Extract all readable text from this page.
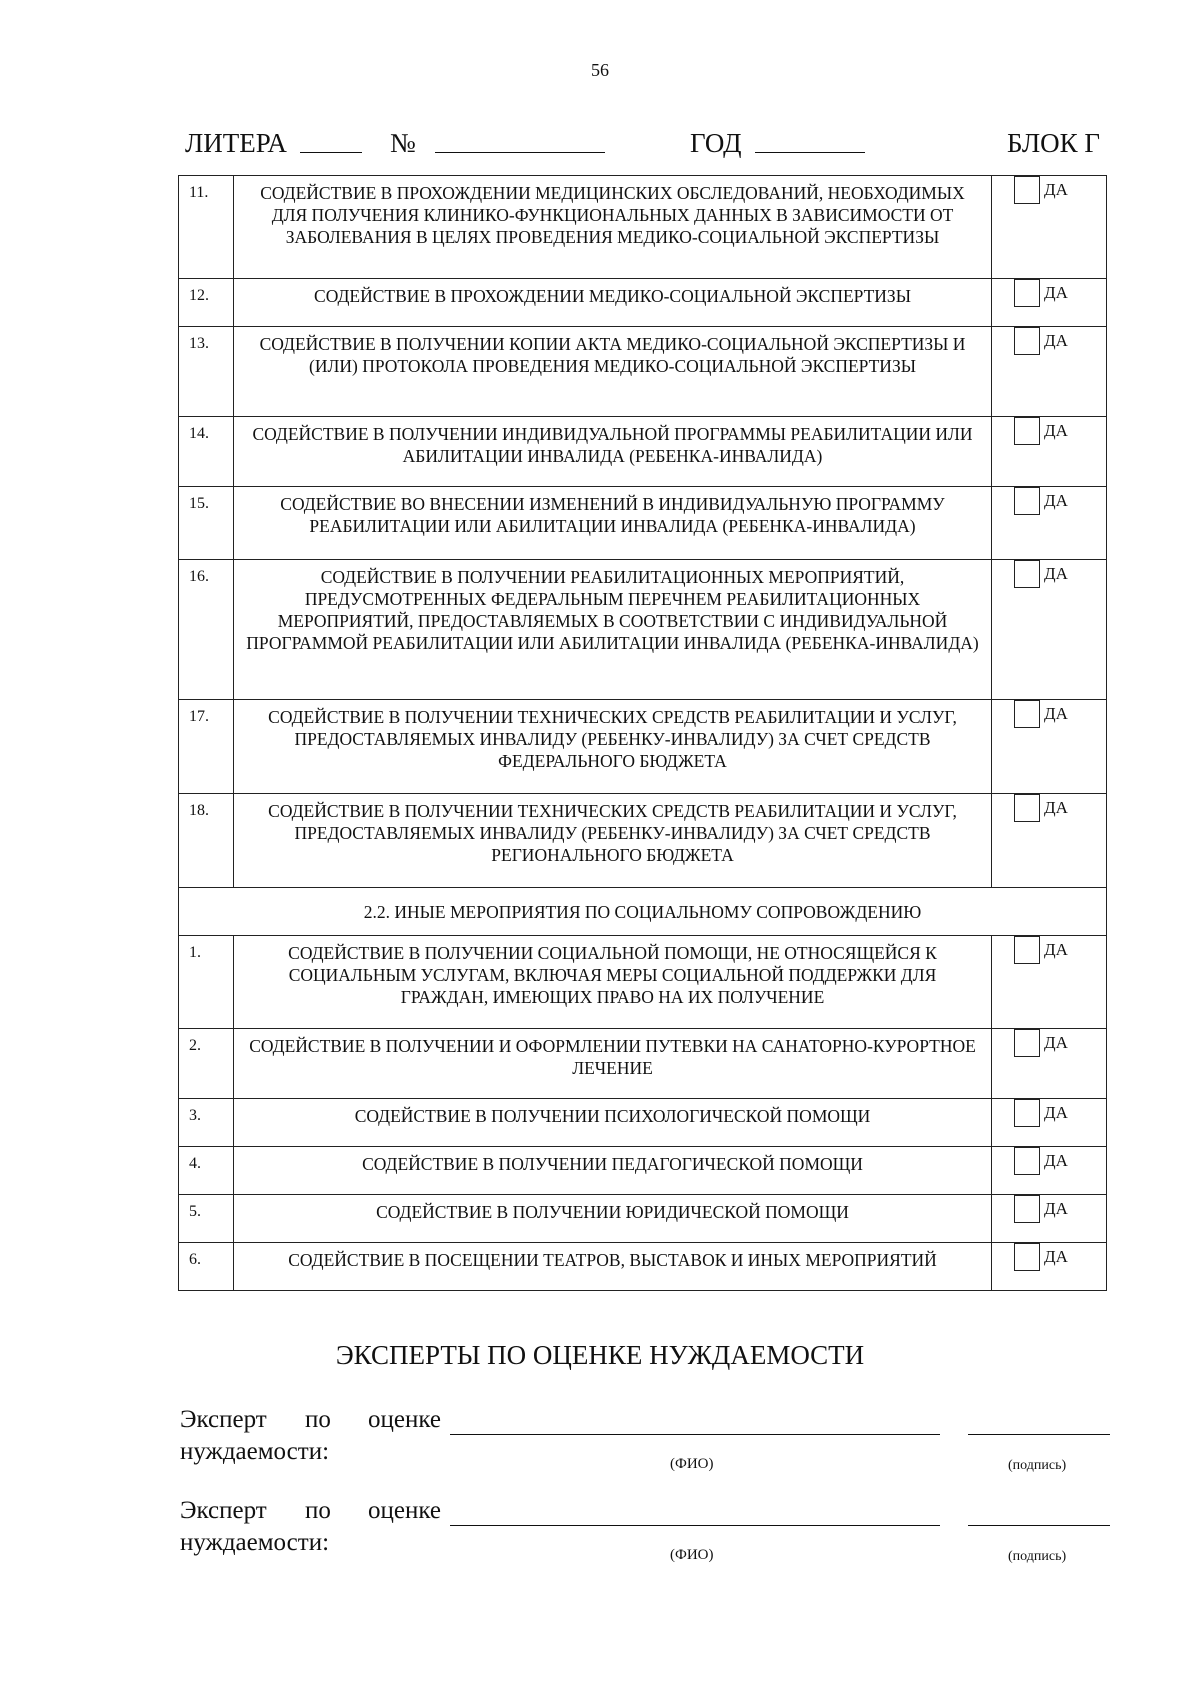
56
ЛИТЕРА	№	ГОД	БЛОК Г
11.	СОДЕЙСТВИЕ В ПРОХОЖДЕНИИ МЕДИЦИНСКИХ ОБСЛЕДОВАНИЙ, НЕОБХОДИМЫХ ДЛЯ ПОЛУЧЕНИЯ КЛИНИКО-ФУНКЦИОНАЛЬНЫХ ДАННЫХ В ЗАВИСИМОСТИ ОТ ЗАБОЛЕВАНИЯ В ЦЕЛЯХ ПРОВЕДЕНИЯ МЕДИКО-СОЦИАЛЬНОЙ ЭКСПЕРТИЗЫ	ДА
12.	СОДЕЙСТВИЕ В ПРОХОЖДЕНИИ МЕДИКО-СОЦИАЛЬНОЙ ЭКСПЕРТИЗЫ	ДА
13.	СОДЕЙСТВИЕ В ПОЛУЧЕНИИ КОПИИ АКТА МЕДИКО-СОЦИАЛЬНОЙ ЭКСПЕРТИЗЫ И (ИЛИ) ПРОТОКОЛА ПРОВЕДЕНИЯ МЕДИКО-СОЦИАЛЬНОЙ ЭКСПЕРТИЗЫ	ДА
14.	СОДЕЙСТВИЕ В ПОЛУЧЕНИИ ИНДИВИДУАЛЬНОЙ ПРОГРАММЫ РЕАБИЛИТАЦИИ ИЛИ АБИЛИТАЦИИ ИНВАЛИДА (РЕБЕНКА-ИНВАЛИДА)	ДА
15.	СОДЕЙСТВИЕ ВО ВНЕСЕНИИ ИЗМЕНЕНИЙ В ИНДИВИДУАЛЬНУЮ ПРОГРАММУ РЕАБИЛИТАЦИИ ИЛИ АБИЛИТАЦИИ ИНВАЛИДА (РЕБЕНКА-ИНВАЛИДА)	ДА
16.	СОДЕЙСТВИЕ В ПОЛУЧЕНИИ РЕАБИЛИТАЦИОННЫХ МЕРОПРИЯТИЙ, ПРЕДУСМОТРЕННЫХ ФЕДЕРАЛЬНЫМ ПЕРЕЧНЕМ РЕАБИЛИТАЦИОННЫХ МЕРОПРИЯТИЙ, ПРЕДОСТАВЛЯЕМЫХ В СООТВЕТСТВИИ С ИНДИВИДУАЛЬНОЙ ПРОГРАММОЙ РЕАБИЛИТАЦИИ ИЛИ АБИЛИТАЦИИ ИНВАЛИДА (РЕБЕНКА-ИНВАЛИДА)	ДА
17.	СОДЕЙСТВИЕ В ПОЛУЧЕНИИ ТЕХНИЧЕСКИХ СРЕДСТВ РЕАБИЛИТАЦИИ И УСЛУГ, ПРЕДОСТАВЛЯЕМЫХ ИНВАЛИДУ (РЕБЕНКУ-ИНВАЛИДУ) ЗА СЧЕТ СРЕДСТВ ФЕДЕРАЛЬНОГО БЮДЖЕТА	ДА
18.	СОДЕЙСТВИЕ В ПОЛУЧЕНИИ ТЕХНИЧЕСКИХ СРЕДСТВ РЕАБИЛИТАЦИИ И УСЛУГ, ПРЕДОСТАВЛЯЕМЫХ ИНВАЛИДУ (РЕБЕНКУ-ИНВАЛИДУ) ЗА СЧЕТ СРЕДСТВ РЕГИОНАЛЬНОГО БЮДЖЕТА	ДА
2.2. ИНЫЕ МЕРОПРИЯТИЯ ПО СОЦИАЛЬНОМУ СОПРОВОЖДЕНИЮ		
1.	СОДЕЙСТВИЕ В ПОЛУЧЕНИИ СОЦИАЛЬНОЙ ПОМОЩИ, НЕ ОТНОСЯЩЕЙСЯ К СОЦИАЛЬНЫМ УСЛУГАМ, ВКЛЮЧАЯ МЕРЫ СОЦИАЛЬНОЙ ПОДДЕРЖКИ ДЛЯ ГРАЖДАН, ИМЕЮЩИХ ПРАВО НА ИХ ПОЛУЧЕНИЕ	ДА
2.	СОДЕЙСТВИЕ В ПОЛУЧЕНИИ И ОФОРМЛЕНИИ ПУТЕВКИ НА САНАТОРНО-КУРОРТНОЕ ЛЕЧЕНИЕ	ДА
3.	СОДЕЙСТВИЕ В ПОЛУЧЕНИИ ПСИХОЛОГИЧЕСКОЙ ПОМОЩИ	ДА
4.	СОДЕЙСТВИЕ В ПОЛУЧЕНИИ ПЕДАГОГИЧЕСКОЙ ПОМОЩИ	ДА
5.	СОДЕЙСТВИЕ В ПОЛУЧЕНИИ ЮРИДИЧЕСКОЙ ПОМОЩИ	ДА
6.	СОДЕЙСТВИЕ В ПОСЕЩЕНИИ ТЕАТРОВ, ВЫСТАВОК И ИНЫХ МЕРОПРИЯТИЙ	ДА
ЭКСПЕРТЫ ПО ОЦЕНКЕ НУЖДАЕМОСТИ
Эксперт по оценке
нуждаемости:	(ФИО)	(подпись)
Эксперт по оценке
нуждаемости:	(ФИО)	(подпись)
